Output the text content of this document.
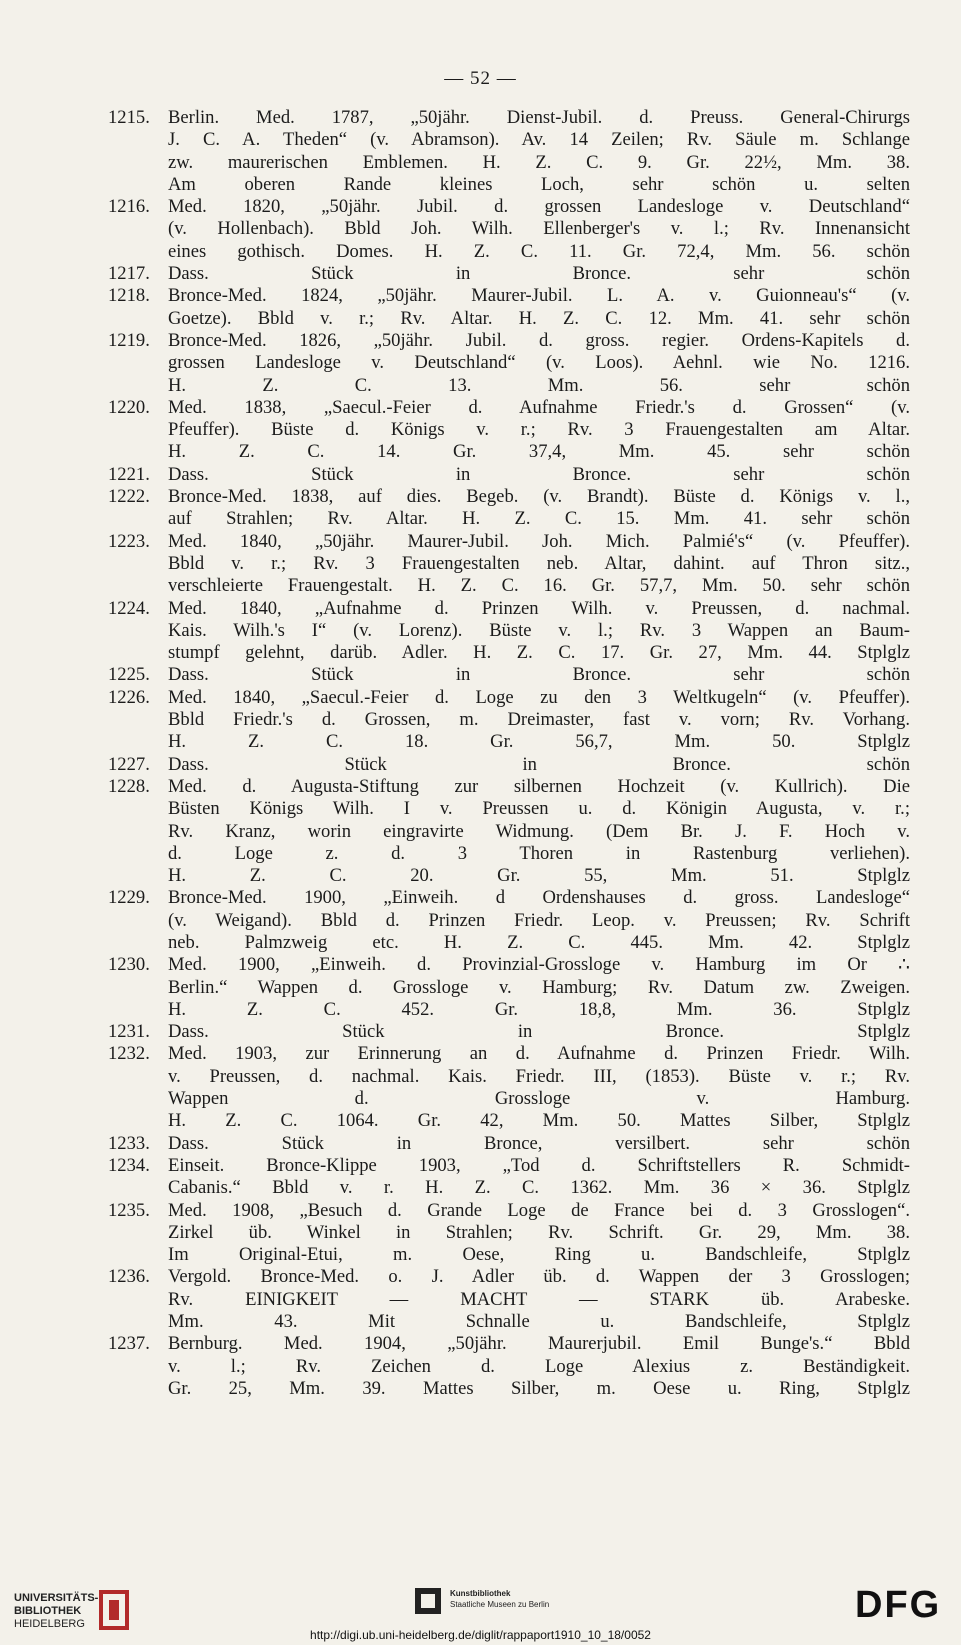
— 52 —
1215. Berlin. Med. 1787, „50jähr. Dienst-Jubil. d. Preuss. General-Chirurgs
J. C. A. Theden“ (v. Abramson). Av. 14 Zeilen; Rv. Säule m. Schlange
zw. maurerischen Emblemen. H. Z. C. 9. Gr. 22½, Mm. 38.
Am oberen Rande kleines Loch, sehr schön u. selten
1216. Med. 1820, „50jähr. Jubil. d. grossen Landesloge v. Deutschland“
(v. Hollenbach). Bbld Joh. Wilh. Ellenberger's v. l.; Rv. Innenansicht
eines gothisch. Domes. H. Z. C. 11. Gr. 72,4, Mm. 56. schön
1217. Dass. Stück in Bronce. sehr schön
1218. Bronce-Med. 1824, „50jähr. Maurer-Jubil. L. A. v. Guionneau's“ (v.
Goetze). Bbld v. r.; Rv. Altar. H. Z. C. 12. Mm. 41. sehr schön
1219. Bronce-Med. 1826, „50jähr. Jubil. d. gross. regier. Ordens-Kapitels d.
grossen Landesloge v. Deutschland“ (v. Loos). Aehnl. wie No. 1216.
H. Z. C. 13. Mm. 56. sehr schön
1220. Med. 1838, „Saecul.-Feier d. Aufnahme Friedr.'s d. Grossen“ (v.
Pfeuffer). Büste d. Königs v. r.; Rv. 3 Frauengestalten am Altar.
H. Z. C. 14. Gr. 37,4, Mm. 45. sehr schön
1221. Dass. Stück in Bronce. sehr schön
1222. Bronce-Med. 1838, auf dies. Begeb. (v. Brandt). Büste d. Königs v. l.,
auf Strahlen; Rv. Altar. H. Z. C. 15. Mm. 41. sehr schön
1223. Med. 1840, „50jähr. Maurer-Jubil. Joh. Mich. Palmié's“ (v. Pfeuffer).
Bbld v. r.; Rv. 3 Frauengestalten neb. Altar, dahint. auf Thron sitz.,
verschleierte Frauengestalt. H. Z. C. 16. Gr. 57,7, Mm. 50. sehr schön
1224. Med. 1840, „Aufnahme d. Prinzen Wilh. v. Preussen, d. nachmal.
Kais. Wilh.'s I“ (v. Lorenz). Büste v. l.; Rv. 3 Wappen an Baum-
stumpf gelehnt, darüb. Adler. H. Z. C. 17. Gr. 27, Mm. 44. Stplglz
1225. Dass. Stück in Bronce. sehr schön
1226. Med. 1840, „Saecul.-Feier d. Loge zu den 3 Weltkugeln“ (v. Pfeuffer).
Bbld Friedr.'s d. Grossen, m. Dreimaster, fast v. vorn; Rv. Vorhang.
H. Z. C. 18. Gr. 56,7, Mm. 50. Stplglz
1227. Dass. Stück in Bronce. schön
1228. Med. d. Augusta-Stiftung zur silbernen Hochzeit (v. Kullrich). Die
Büsten Königs Wilh. I v. Preussen u. d. Königin Augusta, v. r.;
Rv. Kranz, worin eingravirte Widmung. (Dem Br. J. F. Hoch v.
d. Loge z. d. 3 Thoren in Rastenburg verliehen).
H. Z. C. 20. Gr. 55, Mm. 51. Stplglz
1229. Bronce-Med. 1900, „Einweih. d Ordenshauses d. gross. Landesloge“
(v. Weigand). Bbld d. Prinzen Friedr. Leop. v. Preussen; Rv. Schrift
neb. Palmzweig etc. H. Z. C. 445. Mm. 42. Stplglz
1230. Med. 1900, „Einweih. d. Provinzial-Grossloge v. Hamburg im Or ∴
Berlin.“ Wappen d. Grossloge v. Hamburg; Rv. Datum zw. Zweigen.
H. Z. C. 452. Gr. 18,8, Mm. 36. Stplglz
1231. Dass. Stück in Bronce. Stplglz
1232. Med. 1903, zur Erinnerung an d. Aufnahme d. Prinzen Friedr. Wilh.
v. Preussen, d. nachmal. Kais. Friedr. III, (1853). Büste v. r.; Rv.
Wappen d. Grossloge v. Hamburg.
H. Z. C. 1064. Gr. 42, Mm. 50. Mattes Silber, Stplglz
1233. Dass. Stück in Bronce, versilbert. sehr schön
1234. Einseit. Bronce-Klippe 1903, „Tod d. Schriftstellers R. Schmidt-
Cabanis.“ Bbld v. r. H. Z. C. 1362. Mm. 36 × 36. Stplglz
1235. Med. 1908, „Besuch d. Grande Loge de France bei d. 3 Grosslogen“.
Zirkel üb. Winkel in Strahlen; Rv. Schrift. Gr. 29, Mm. 38.
Im Original-Etui, m. Oese, Ring u. Bandschleife, Stplglz
1236. Vergold. Bronce-Med. o. J. Adler üb. d. Wappen der 3 Grosslogen;
Rv. EINIGKEIT — MACHT — STARK üb. Arabeske.
Mm. 43. Mit Schnalle u. Bandschleife, Stplglz
1237. Bernburg. Med. 1904, „50jähr. Maurerjubil. Emil Bunge's.“ Bbld
v. l.; Rv. Zeichen d. Loge Alexius z. Beständigkeit.
Gr. 25, Mm. 39. Mattes Silber, m. Oese u. Ring, Stplglz
UNIVERSITÄTS-
BIBLIOTHEK
HEIDELBERG
Kunstbibliothek
Staatliche Museen zu Berlin	DFG
http://digi.ub.uni-heidelberg.de/diglit/rappaport1910_10_18/0052
